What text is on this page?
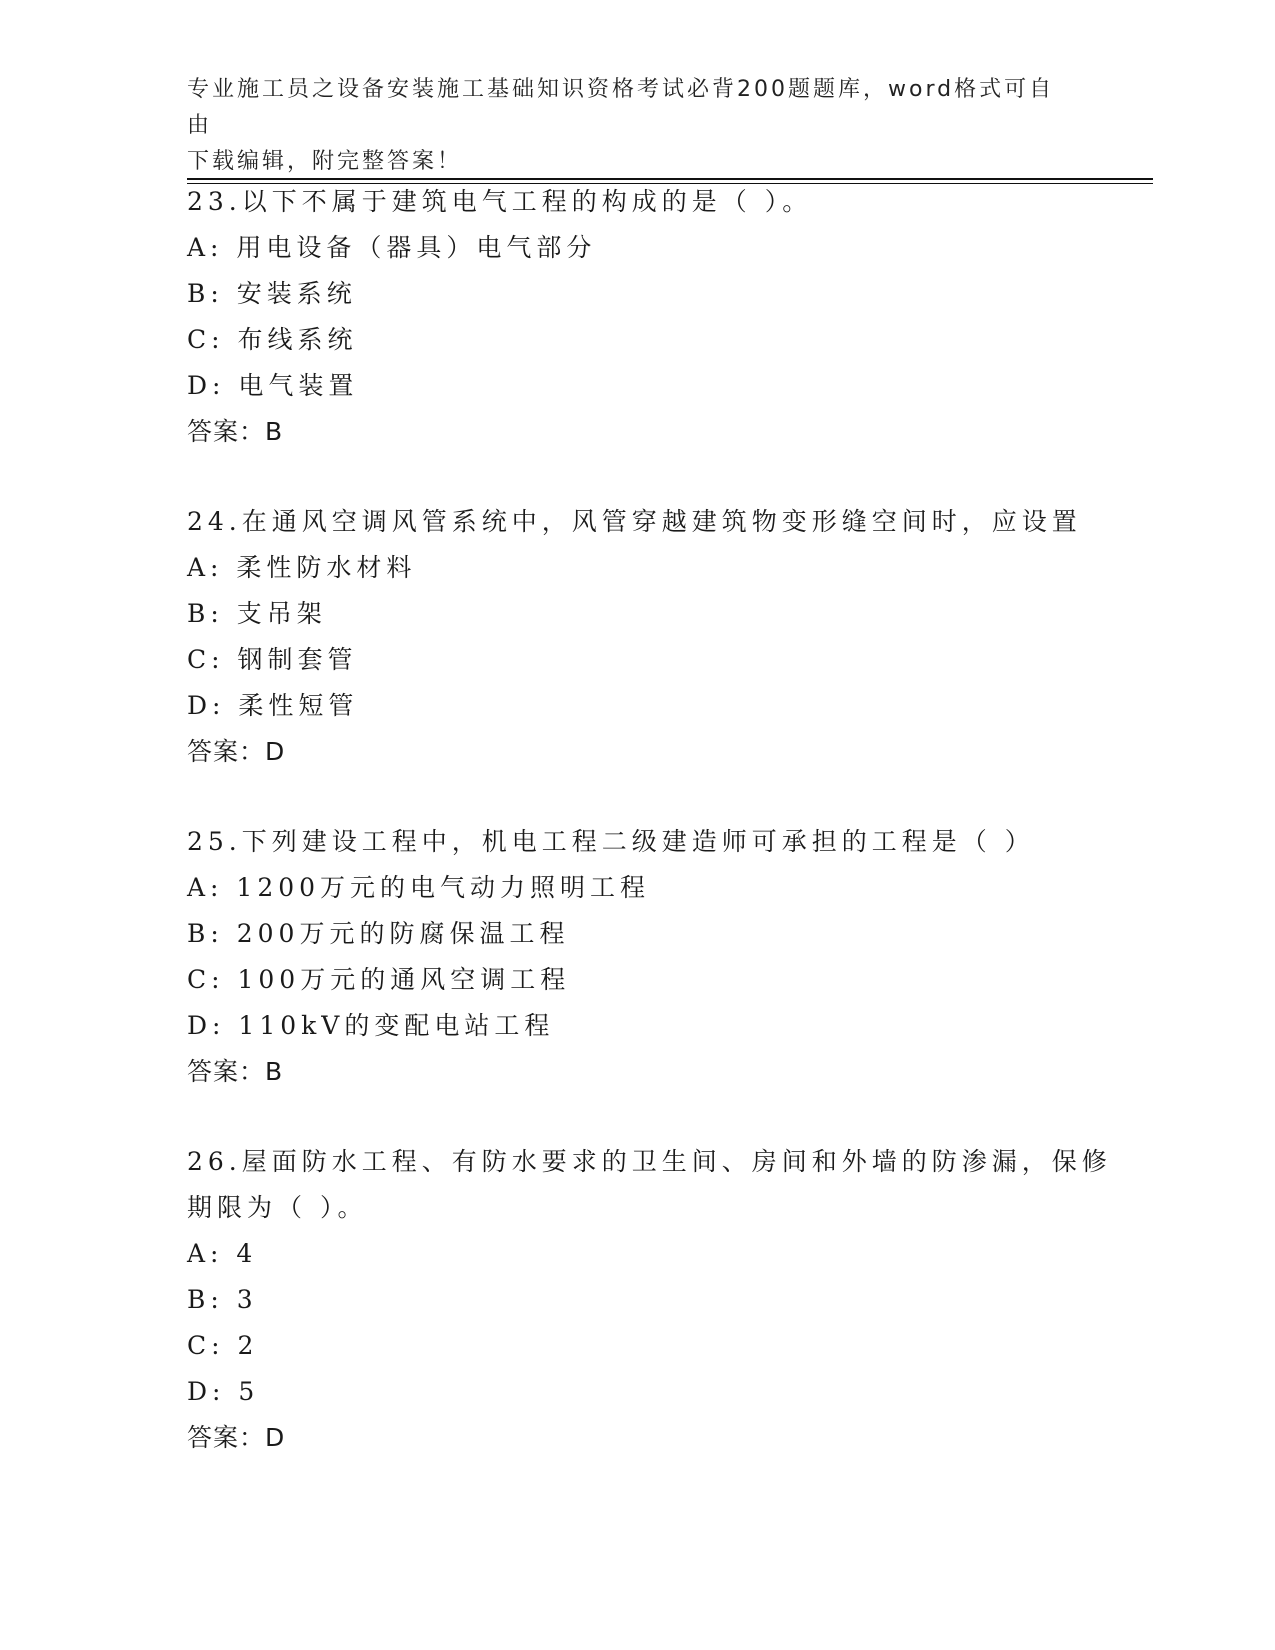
专业施工员之设备安装施工基础知识资格考试必背200题题库，word格式可自由
下载编辑，附完整答案！
23.以下不属于建筑电气工程的构成的是（ ）。
A: 用电设备（器具）电气部分
B: 安装系统
C: 布线系统
D: 电气装置
答案：B
24.在通风空调风管系统中，风管穿越建筑物变形缝空间时，应设置
A: 柔性防水材料
B: 支吊架
C: 钢制套管
D: 柔性短管
答案：D
25.下列建设工程中，机电工程二级建造师可承担的工程是（ ）
A: 1200万元的电气动力照明工程
B: 200万元的防腐保温工程
C: 100万元的通风空调工程
D: 110kV的变配电站工程
答案：B
26.屋面防水工程、有防水要求的卫生间、房间和外墙的防渗漏，保修
期限为（ ）。
A: 4
B: 3
C: 2
D: 5
答案：D
